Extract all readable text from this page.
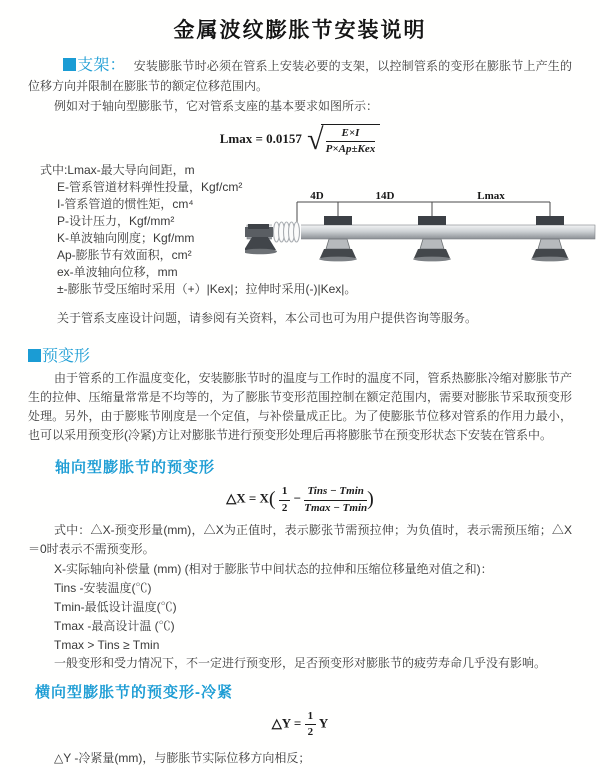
金属波纹膨胀节安装说明

支架： 安装膨胀节时必须在管系上安装必要的支架，以控制管系的变形在膨胀节上产生的位移方向并限制在膨胀节的额定位移范围内。

例如对于轴向型膨胀节，它对管系支座的基本要求如图所示：

Lmax = 0.0157 √ $\frac{E\times I}{\text{P×Ap±Kex}}$
式中:Lmax-最大导向间距，m
E-管系管道材料弹性投量，Kgf/cm²
I-管系管道的惯性矩，cm⁴
P-设计压力，Kgf/mm²
K-单波轴向刚度；Kgf/mm
Ap-膨胀节有效面积，cm²
ex-单波轴向位移，mm
4D	14D	Lmax
±-膨胀节受压缩时采用（+）|Kex|；拉伸时采用(-)|Kex|。
关于管系支座设计问题，请参阅有关资料，本公司也可为用户提供咨询等服务。
预变形

由于管系的工作温度变化，安装膨胀节时的温度与工作时的温度不同，管系热膨胀冷缩对膨胀节产生的拉伸、压缩量常常是不均等的，为了膨胀节变形范围控制在额定范围内，需要对膨胀节采取预变形处理。另外，由于膨账节刚度是一个定值，与补偿量成正比。为了使膨胀节位移对管系的作用力最小，也可以采用预变形(冷紧)方让对膨胀节进行预变形处理后再将膨胀节在预变形状态下安装在管系中。

轴向型膨胀节的预变形
△X = $X( \frac{1}{2} - \frac{\text{Tins − Tmin}}{Tmax - Tmin}$ )

式中：△X-预变形量(mm)，△X为正值时，表示膨张节需预拉伸；为负值时，表示需预压缩；△X＝0时表示不需预变形。

X-实际轴向补偿量 (mm) (相对于膨胀节中间状态的拉伸和压缩位移量绝对值之和)：
Tins -安装温度(℃)
Tmin-最低设计温度(℃)
Tmax -最高设计温 (℃)
Tmax > Tins ≥ Tmin

一般变形和受力情况下，不一定进行预变形，足否预变形对膨胀节的疲劳寿命几乎没有影响。

横向型膨胀节的预变形-冷紧
△Y = $\frac{1}{2}$ Y
△Y -冷紧量(mm)，与膨胀节实际位移方向相反；
